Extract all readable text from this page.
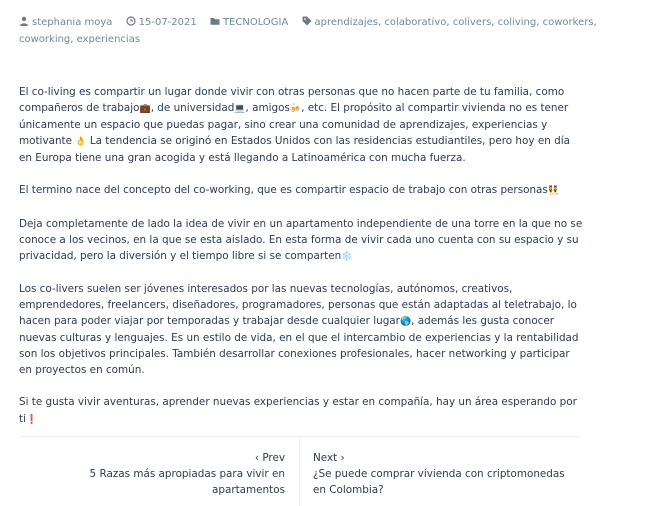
stephania moya	15-07-2021	TECNOLOGIA	aprendizajes, colaborativo, colivers, coliving, coworkers,
coworking, experiencias

El co-living es compartir un lugar donde vivir con otras personas que no hacen parte de tu familia, como compañeros de trabajo💼, de universidad💻, amigos🍻, etc. El propósito al compartir vivienda no es tener únicamente un espacio que puedas pagar, sino crear una comunidad de aprendizajes, experiencias y motivante 👌 La tendencia se originó en Estados Unidos con las residencias estudiantiles, pero hoy en día en Europa tiene una gran acogida y está llegando a Latinoamérica con mucha fuerza.

El termino nace del concepto del co-working, que es compartir espacio de trabajo con otras personas👯

Deja completamente de lado la idea de vivir en un apartamento independiente de una torre en la que no se conoce a los vecinos, en la que se esta aislado. En esta forma de vivir cada uno cuenta con su espacio y su privacidad, pero la diversión y el tiempo libre si se comparten❄️

Los co-livers suelen ser jóvenes interesados por las nuevas tecnologías, autónomos, creativos, emprendedores, freelancers, diseñadores, programadores, personas que están adaptadas al teletrabajo, lo hacen para poder viajar por temporadas y trabajar desde cualquier lugar🌎, además les gusta conocer nuevas culturas y lenguajes. Es un estilo de vida, en el que el intercambio de experiencias y la rentabilidad son los objetivos principales. También desarrollar conexiones profesionales, hacer networking y participar en proyectos en común.

Si te gusta vivir aventuras, aprender nuevas experiencias y estar en compañía, hay un área esperando por ti❗

‹ Prev
5 Razas más apropiadas para vivir en apartamentos
Next ›
¿Se puede comprar vivienda con criptomonedas en Colombia?
